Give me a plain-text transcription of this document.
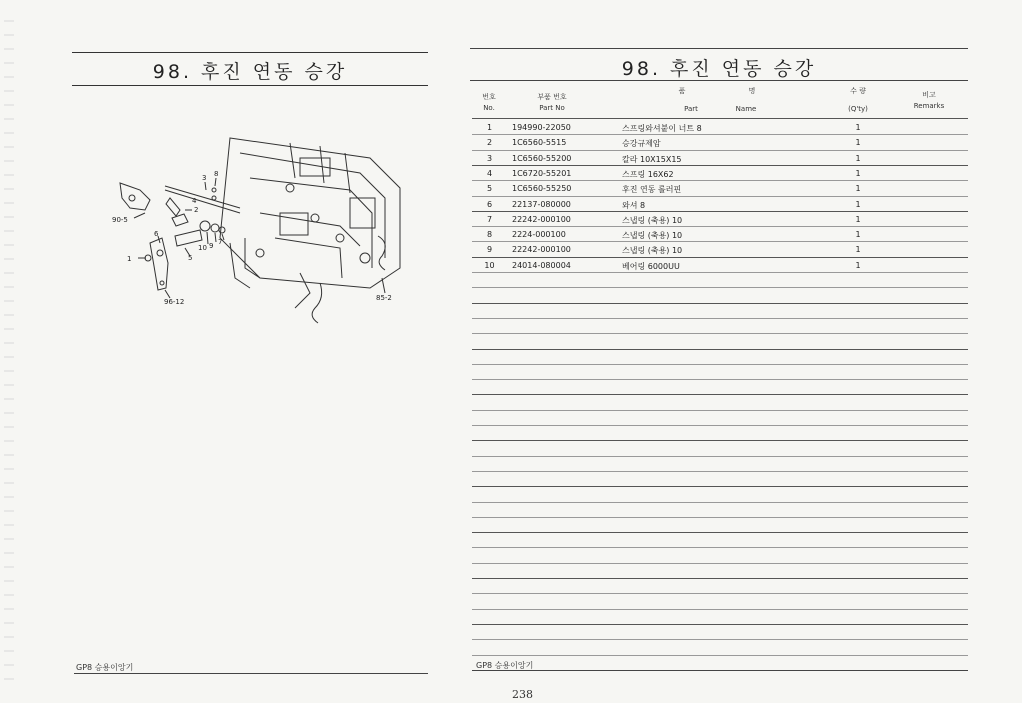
98. 후진 연동 승강
1
2
3
4
5
6
7
8
9
10
90-5
96-12	85-2
GP8 승용이앙기
98. 후진 연동 승강
번호
No.
부품 번호
Part No
품	명
Part	Name
수 량
(Q'ty)
비고
Remarks
1	194990-22050	스프링와셔붙이 너트 8	1
2	1C6560-5515	승강규제암	1
3	1C6560-55200	칼라 10X15X15	1
4	1C6720-55201	스프링 16X62	1
5	1C6560-55250	후진 연동 롤러핀	1
6	22137-080000	와셔 8	1
7	22242-000100	스냅링 (축용) 10	1
8	2224-000100	스냅링 (축용) 10	1
9	22242-000100	스냅링 (축용) 10	1
10	24014-080004	베어링 6000UU	1
GP8 승용이앙기
238
